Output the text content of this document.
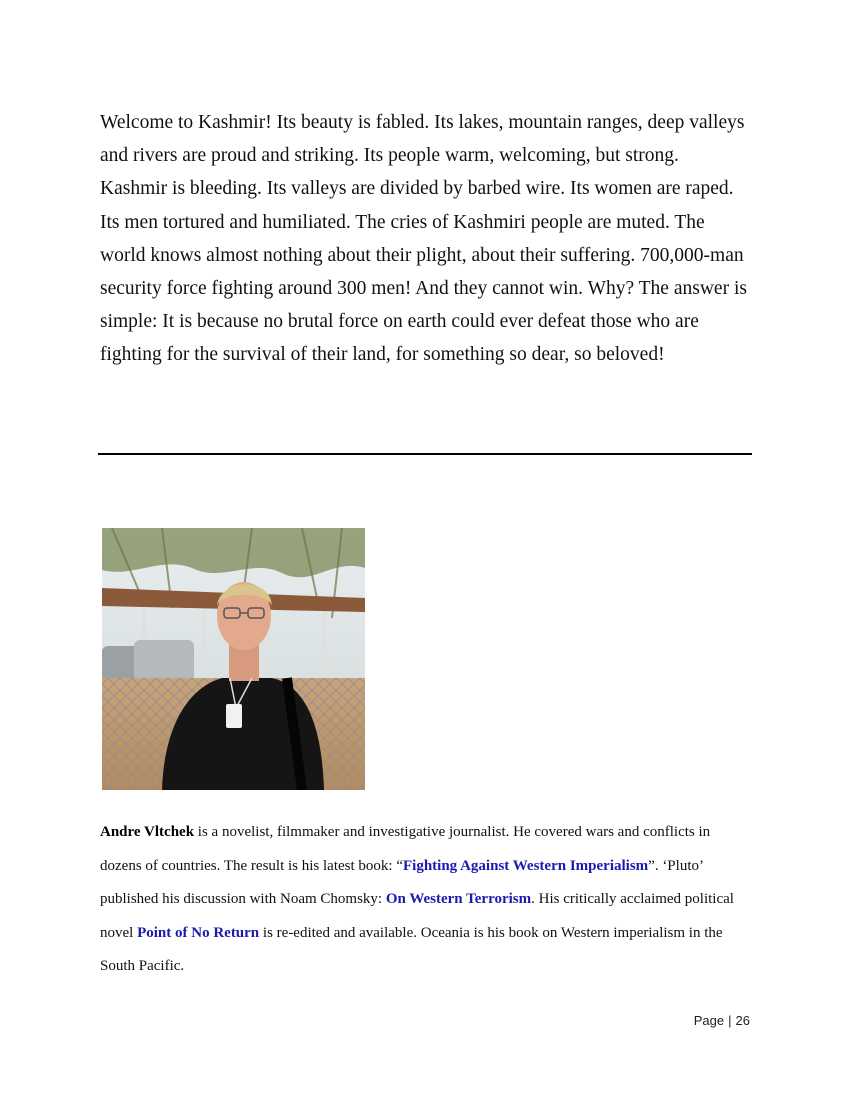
Welcome to Kashmir! Its beauty is fabled. Its lakes, mountain ranges, deep valleys and rivers are proud and striking. Its people warm, welcoming, but strong. Kashmir is bleeding. Its valleys are divided by barbed wire. Its women are raped. Its men tortured and humiliated. The cries of Kashmiri people are muted. The world knows almost nothing about their plight, about their suffering. 700,000-man security force fighting around 300 men! And they cannot win. Why? The answer is simple: It is because no brutal force on earth could ever defeat those who are fighting for the survival of their land, for something so dear, so beloved!

Andre Vltchek is a novelist, filmmaker and investigative journalist. He covered wars and conflicts in dozens of countries. The result is his latest book: “Fighting Against Western Imperialism”. ‘Pluto’ published his discussion with Noam Chomsky: On Western Terrorism. His critically acclaimed political novel Point of No Return is re-edited and available. Oceania is his book on Western imperialism in the South Pacific.

Page | 26
